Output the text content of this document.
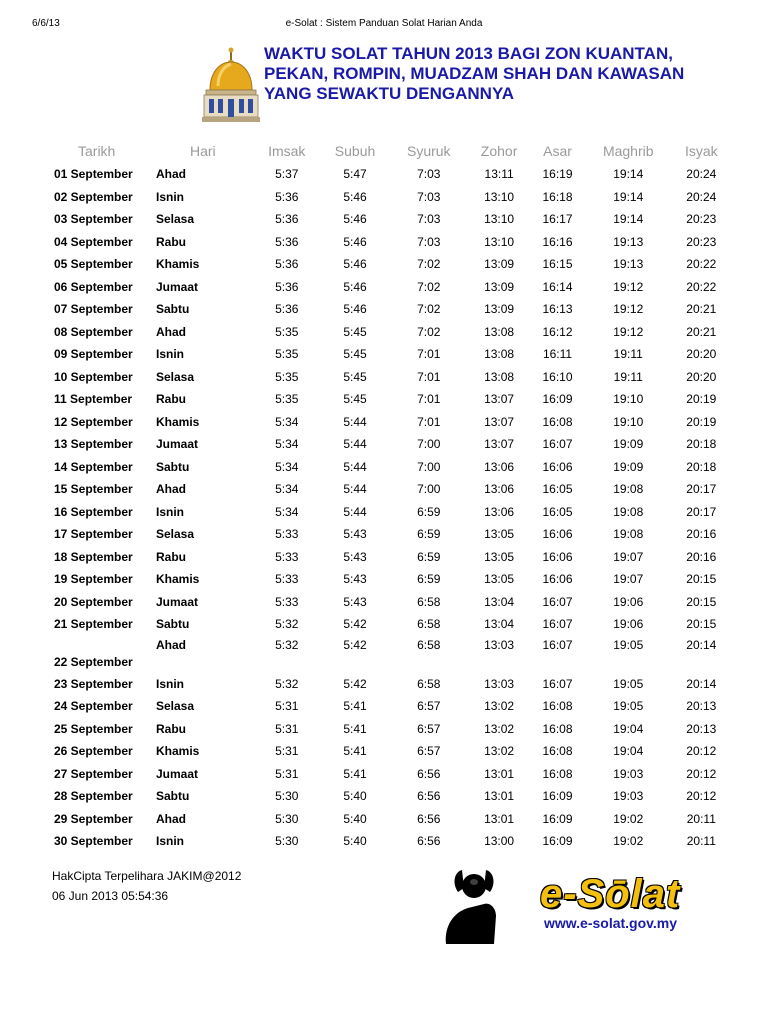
6/6/13	e-Solat : Sistem Panduan Solat Harian Anda
WAKTU SOLAT TAHUN 2013 BAGI ZON KUANTAN, PEKAN, ROMPIN, MUADZAM SHAH DAN KAWASAN YANG SEWAKTU DENGANNYA
Tarikh	Hari	Imsak	Subuh	Syuruk	Zohor	Asar	Maghrib	Isyak
01 September	Ahad	5:37	5:47	7:03	13:11	16:19	19:14	20:24
02 September	Isnin	5:36	5:46	7:03	13:10	16:18	19:14	20:24
03 September	Selasa	5:36	5:46	7:03	13:10	16:17	19:14	20:23
04 September	Rabu	5:36	5:46	7:03	13:10	16:16	19:13	20:23
05 September	Khamis	5:36	5:46	7:02	13:09	16:15	19:13	20:22
06 September	Jumaat	5:36	5:46	7:02	13:09	16:14	19:12	20:22
07 September	Sabtu	5:36	5:46	7:02	13:09	16:13	19:12	20:21
08 September	Ahad	5:35	5:45	7:02	13:08	16:12	19:12	20:21
09 September	Isnin	5:35	5:45	7:01	13:08	16:11	19:11	20:20
10 September	Selasa	5:35	5:45	7:01	13:08	16:10	19:11	20:20
11 September	Rabu	5:35	5:45	7:01	13:07	16:09	19:10	20:19
12 September	Khamis	5:34	5:44	7:01	13:07	16:08	19:10	20:19
13 September	Jumaat	5:34	5:44	7:00	13:07	16:07	19:09	20:18
14 September	Sabtu	5:34	5:44	7:00	13:06	16:06	19:09	20:18
15 September	Ahad	5:34	5:44	7:00	13:06	16:05	19:08	20:17
16 September	Isnin	5:34	5:44	6:59	13:06	16:05	19:08	20:17
17 September	Selasa	5:33	5:43	6:59	13:05	16:06	19:08	20:16
18 September	Rabu	5:33	5:43	6:59	13:05	16:06	19:07	20:16
19 September	Khamis	5:33	5:43	6:59	13:05	16:06	19:07	20:15
20 September	Jumaat	5:33	5:43	6:58	13:04	16:07	19:06	20:15
21 September	Sabtu	5:32	5:42	6:58	13:04	16:07	19:06	20:15
22 September	Ahad	5:32	5:42	6:58	13:03	16:07	19:05	20:14
23 September	Isnin	5:32	5:42	6:58	13:03	16:07	19:05	20:14
24 September	Selasa	5:31	5:41	6:57	13:02	16:08	19:05	20:13
25 September	Rabu	5:31	5:41	6:57	13:02	16:08	19:04	20:13
26 September	Khamis	5:31	5:41	6:57	13:02	16:08	19:04	20:12
27 September	Jumaat	5:31	5:41	6:56	13:01	16:08	19:03	20:12
28 September	Sabtu	5:30	5:40	6:56	13:01	16:09	19:03	20:12
29 September	Ahad	5:30	5:40	6:56	13:01	16:09	19:02	20:11
30 September	Isnin	5:30	5:40	6:56	13:00	16:09	19:02	20:11
HakCipta Terpelihara JAKIM@2012
06 Jun 2013 05:54:36	e-Sōlat
www.e-solat.gov.my
